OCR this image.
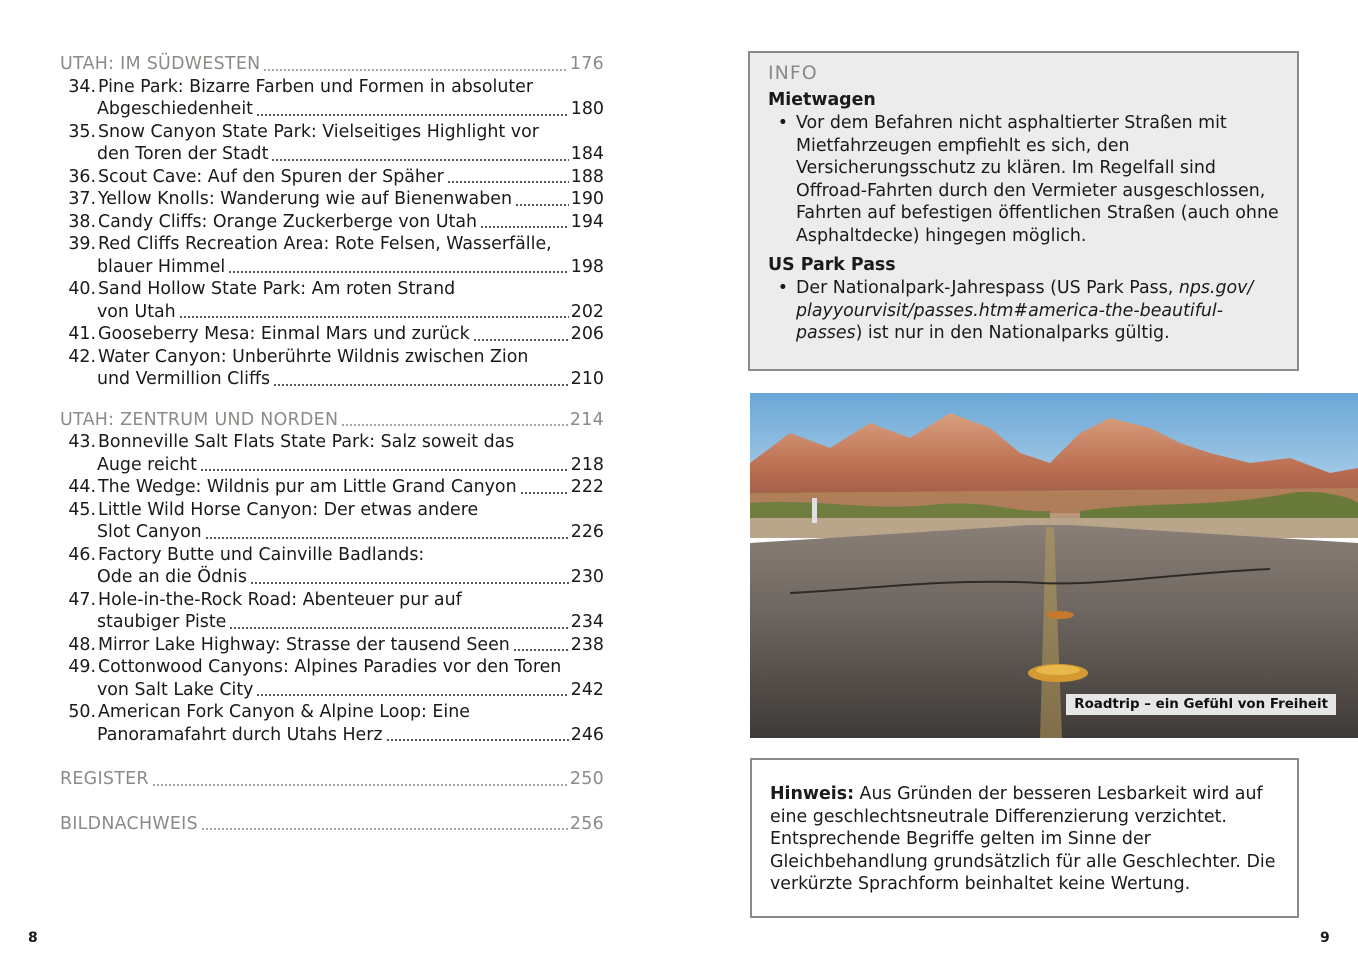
UTAH: IM SÜDWESTEN	176
34. Pine Park: Bizarre Farben und Formen in absoluter
Abgeschiedenheit	180
35. Snow Canyon State Park: Vielseitiges Highlight vor
den Toren der Stadt	184
36. Scout Cave: Auf den Spuren der Späher	188
37. Yellow Knolls: Wanderung wie auf Bienenwaben	190
38. Candy Cliffs: Orange Zuckerberge von Utah	194
39. Red Cliffs Recreation Area: Rote Felsen, Wasserfälle,
blauer Himmel	198
40. Sand Hollow State Park: Am roten Strand
von Utah	202
41. Gooseberry Mesa: Einmal Mars und zurück	206
42. Water Canyon: Unberührte Wildnis zwischen Zion
und Vermillion Cliffs	210
UTAH: ZENTRUM UND NORDEN	214
43. Bonneville Salt Flats State Park: Salz soweit das
Auge reicht	218
44. The Wedge: Wildnis pur am Little Grand Canyon	222
45. Little Wild Horse Canyon: Der etwas andere
Slot Canyon	226
46. Factory Butte und Cainville Badlands:
Ode an die Ödnis	230
47. Hole-in-the-Rock Road: Abenteuer pur auf
staubiger Piste	234
48. Mirror Lake Highway: Strasse der tausend Seen	238
49. Cottonwood Canyons: Alpines Paradies vor den Toren
von Salt Lake City	242
50. American Fork Canyon & Alpine Loop: Eine
Panoramafahrt durch Utahs Herz	246
REGISTER	250
BILDNACHWEIS	256
8	9
INFO
Mietwagen
• Vor dem Befahren nicht asphaltierter Straßen mit Mietfahrzeugen empfiehlt es sich, den Versicherungsschutz zu klären. Im Regelfall sind Offroad-Fahrten durch den Vermieter ausgeschlossen, Fahrten auf befestigen öffentlichen Straßen (auch ohne Asphaltdecke) hingegen möglich.
US Park Pass
• Der Nationalpark-Jahrespass (US Park Pass, nps.gov/ playyourvisit/passes.htm#america-the-beautiful-passes) ist nur in den Nationalparks gültig.
Roadtrip – ein Gefühl von Freiheit
Hinweis: Aus Gründen der besseren Lesbarkeit wird auf eine geschlechtsneutrale Differenzierung verzichtet. Entsprechende Begriffe gelten im Sinne der Gleichbehandlung grundsätzlich für alle Geschlechter. Die verkürzte Sprachform beinhaltet keine Wertung.
